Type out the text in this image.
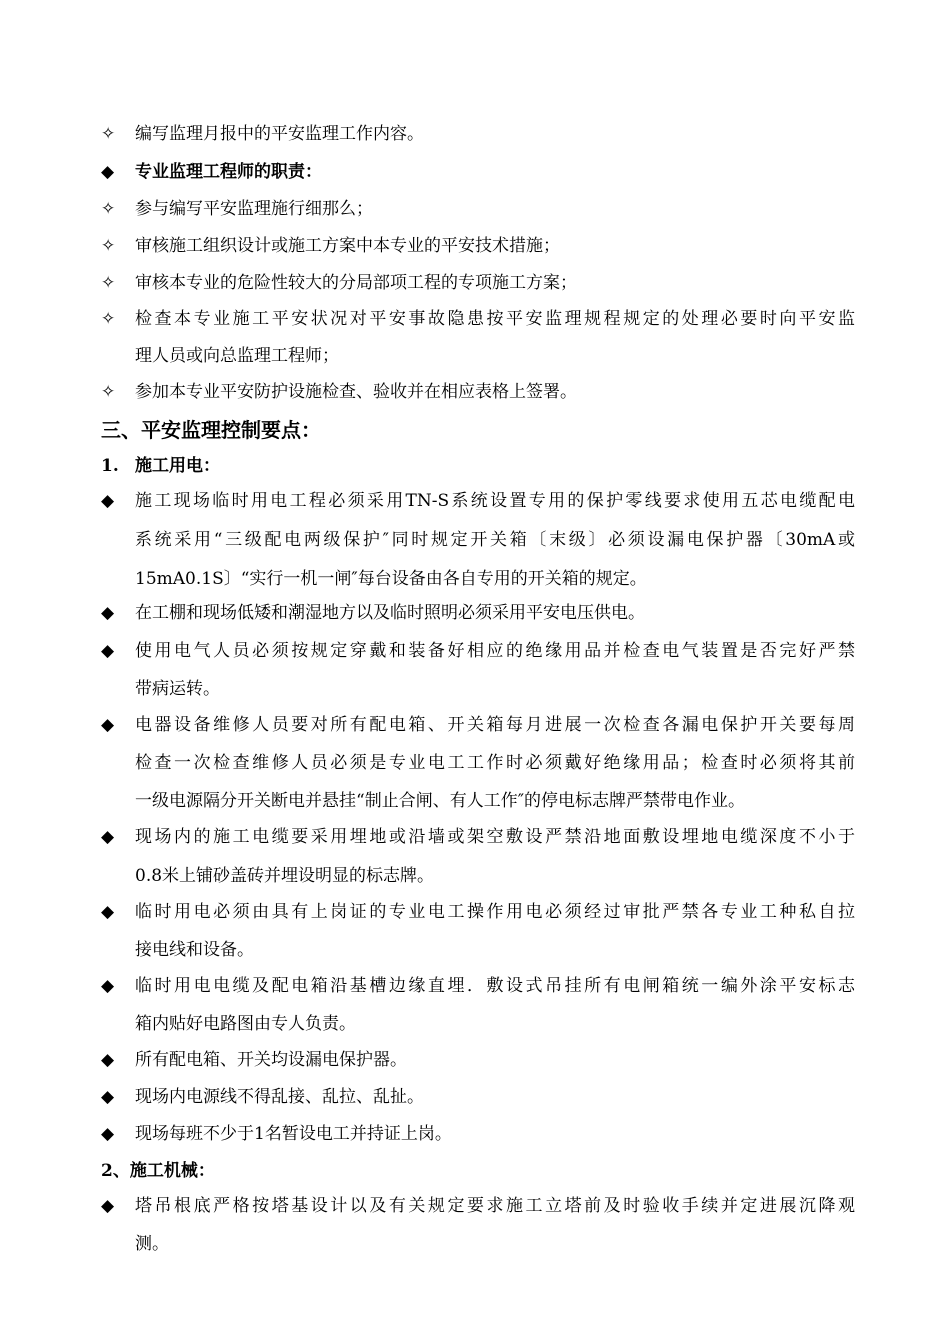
✧ 编写监理月报中的平安监理工作内容。
◆ 专业监理工程师的职责：
✧ 参与编写平安监理施行细那么；
✧ 审核施工组织设计或施工方案中本专业的平安技术措施；
✧ 审核本专业的危险性较大的分局部项工程的专项施工方案；
✧ 检查本专业施工平安状况对平安事故隐患按平安监理规程规定的处理必要时向平安监
理人员或向总监理工程师；
✧ 参加本专业平安防护设施检查、验收并在相应表格上签署。
三、平安监理控制要点：
1. 施工用电：
◆ 施工现场临时用电工程必须采用TN-S系统设置专用的保护零线要求使用五芯电缆配电
系统采用“三级配电两级保护″同时规定开关箱〔末级〕必须设漏电保护器〔30mA或
15mA0.1S〕“实行一机一闸″每台设备由各自专用的开关箱的规定。
◆ 在工棚和现场低矮和潮湿地方以及临时照明必须采用平安电压供电。
◆ 使用电气人员必须按规定穿戴和装备好相应的绝缘用品并检查电气装置是否完好严禁
带病运转。
◆ 电器设备维修人员要对所有配电箱、开关箱每月进展一次检查各漏电保护开关要每周
检查一次检查维修人员必须是专业电工工作时必须戴好绝缘用品；检查时必须将其前
一级电源隔分开关断电并悬挂“制止合闸、有人工作″的停电标志牌严禁带电作业。
◆ 现场内的施工电缆要采用埋地或沿墙或架空敷设严禁沿地面敷设埋地电缆深度不小于
0.8米上铺砂盖砖并埋设明显的标志牌。
◆ 临时用电必须由具有上岗证的专业电工操作用电必须经过审批严禁各专业工种私自拉
接电线和设备。
◆ 临时用电电缆及配电箱沿基槽边缘直埋．敷设式吊挂所有电闸箱统一编外涂平安标志
箱内贴好电路图由专人负责。
◆ 所有配电箱、开关均设漏电保护器。
◆ 现场内电源线不得乱接、乱拉、乱扯。
◆ 现场每班不少于1名暂设电工并持证上岗。
2、施工机械：
◆ 塔吊根底严格按塔基设计以及有关规定要求施工立塔前及时验收手续并定进展沉降观
测。
